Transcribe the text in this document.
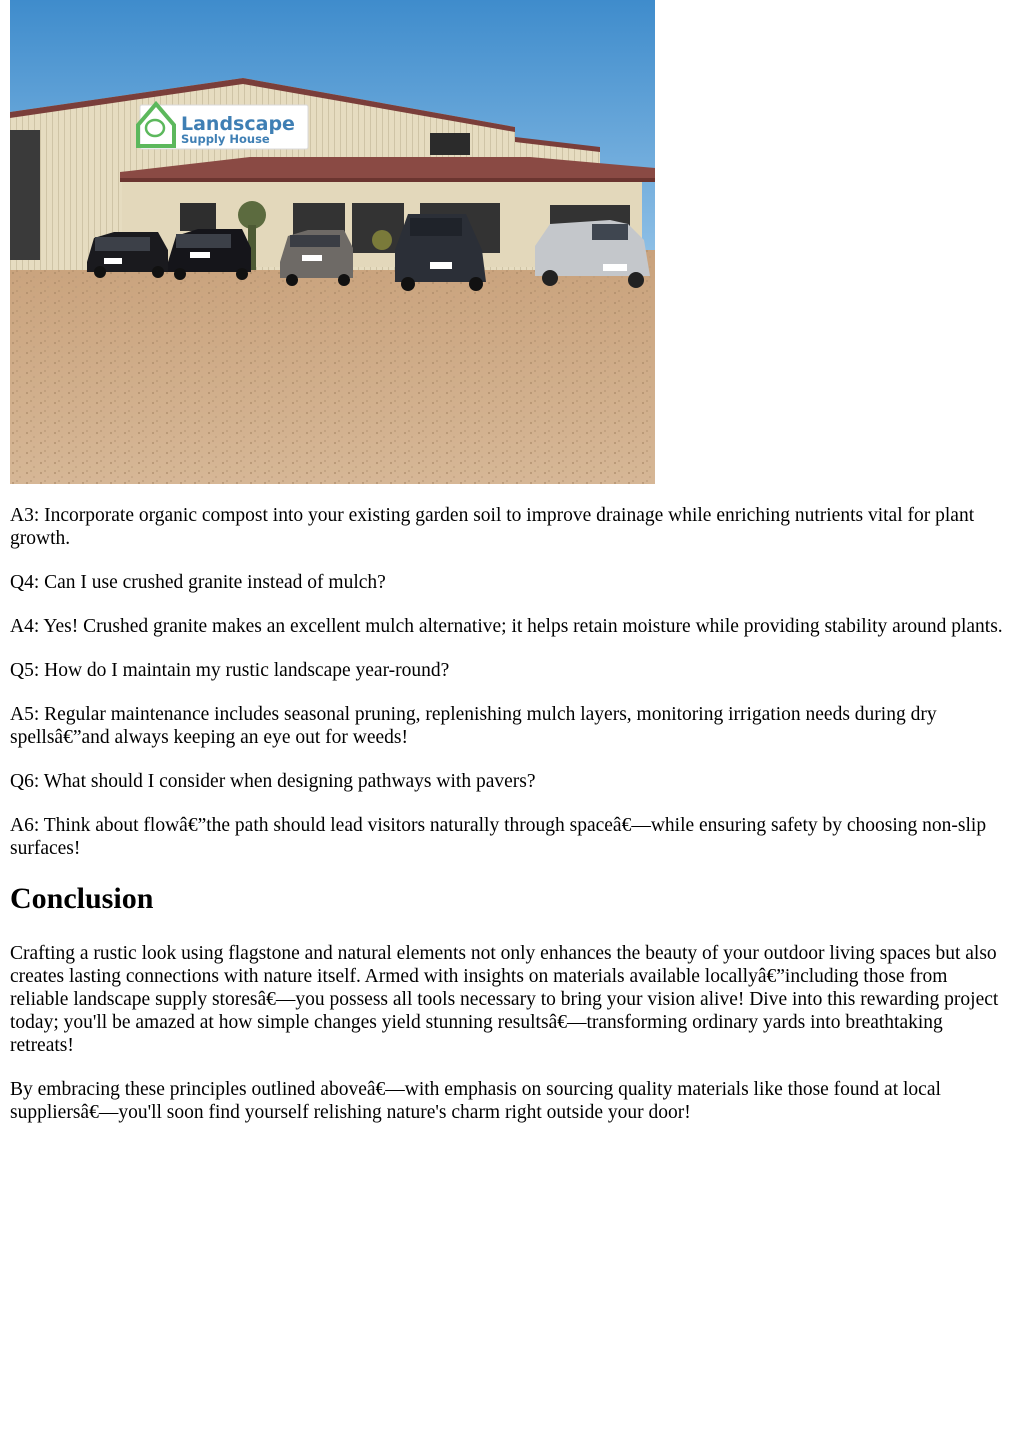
Landscape
Supply House

A3: Incorporate organic compost into your existing garden soil to improve drainage while enriching nutrients vital for plant growth.

Q4: Can I use crushed granite instead of mulch?

A4: Yes! Crushed granite makes an excellent mulch alternative; it helps retain moisture while providing stability around plants.

Q5: How do I maintain my rustic landscape year-round?

A5: Regular maintenance includes seasonal pruning, replenishing mulch layers, monitoring irrigation needs during dry spellsâ€”and always keeping an eye out for weeds!

Q6: What should I consider when designing pathways with pavers?

A6: Think about flowâ€”the path should lead visitors naturally through spaceâ€—while ensuring safety by choosing non-slip surfaces!

Conclusion

Crafting a rustic look using flagstone and natural elements not only enhances the beauty of your outdoor living spaces but also creates lasting connections with nature itself. Armed with insights on materials available locallyâ€”including those from reliable landscape supply storesâ€—you possess all tools necessary to bring your vision alive! Dive into this rewarding project today; you'll be amazed at how simple changes yield stunning resultsâ€—transforming ordinary yards into breathtaking retreats!

By embracing these principles outlined aboveâ€—with emphasis on sourcing quality materials like those found at local suppliersâ€—you'll soon find yourself relishing nature's charm right outside your door!
